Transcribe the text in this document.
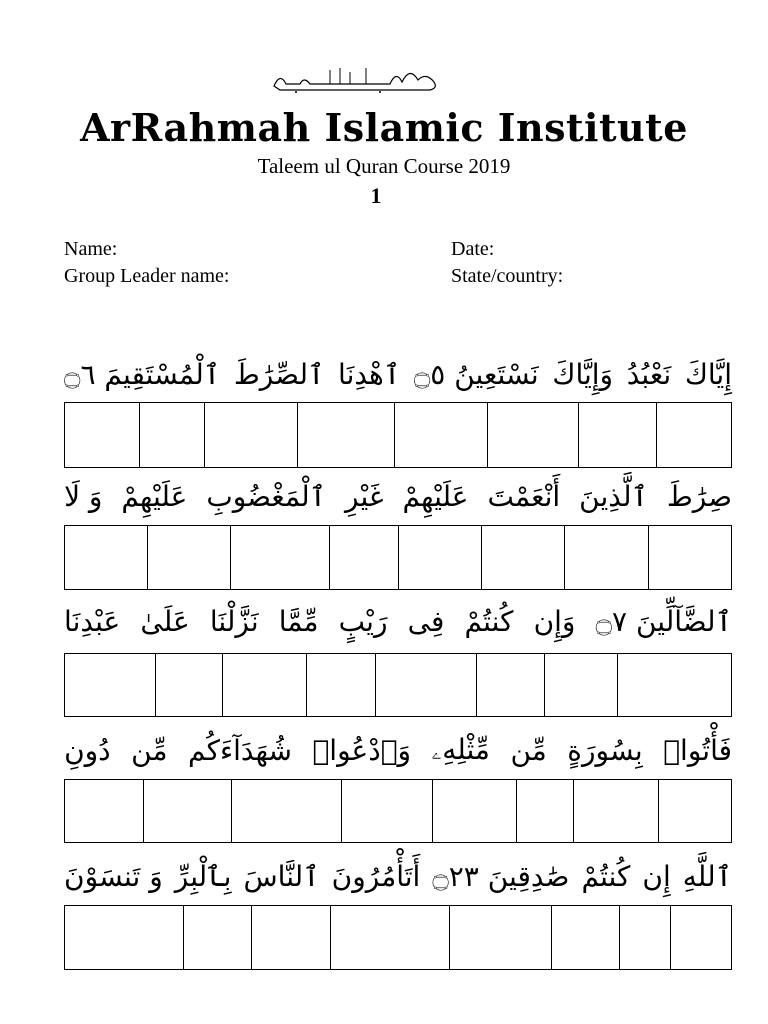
ArRahmah Islamic Institute
Taleem ul Quran Course 2019
1
Name:	Date:
Group Leader name:	State/country:
إِيَّاكَ
نَعْبُدُ
وَإِيَّاكَ
نَسْتَعِينُ ۝٥
ٱهْدِنَا
ٱلصِّرَٰطَ
ٱلْمُسْتَقِيمَ ۝٦
صِرَٰطَ
ٱلَّذِينَ
أَنْعَمْتَ
عَلَيْهِمْ
غَيْرِ
ٱلْمَغْضُوبِ
عَلَيْهِمْ
وَ لَا
ٱلضَّآلِّينَ ۝٧
وَإِن
كُنتُمْ
فِى
رَيْبٍ
مِّمَّا
نَزَّلْنَا
عَلَىٰ
عَبْدِنَا
فَأْتُوا۟
بِسُورَةٍ
مِّن
مِّثْلِهِۦ
وَٱدْعُوا۟
شُهَدَآءَكُم
مِّن
دُونِ
ٱللَّهِ
إِن
كُنتُمْ
صَٰدِقِينَ ۝٢٣
أَتَأْمُرُونَ
ٱلنَّاسَ
بِٱلْبِرِّ
وَ تَنسَوْنَ
